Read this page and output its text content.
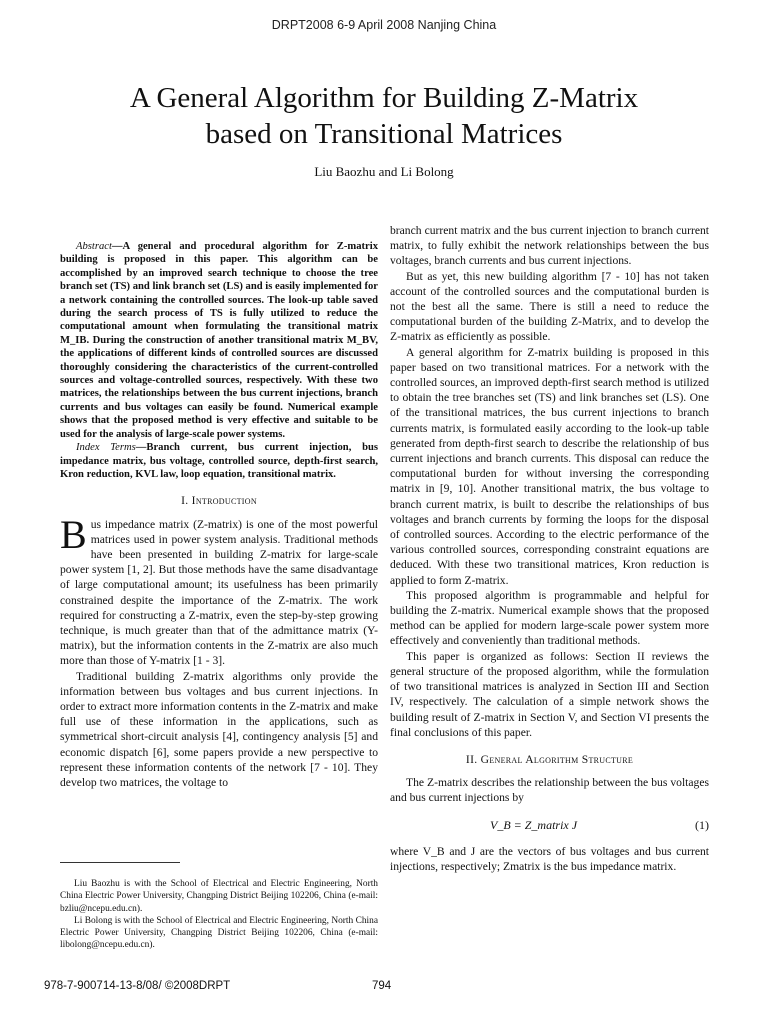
DRPT2008 6-9 April 2008 Nanjing China
A General Algorithm for Building Z-Matrix
based on Transitional Matrices
Liu Baozhu and Li Bolong

Abstract—A general and procedural algorithm for Z-matrix building is proposed in this paper. This algorithm can be accomplished by an improved search technique to choose the tree branch set (TS) and link branch set (LS) and is easily implemented for a network containing the controlled sources. The look-up table saved during the search process of TS is fully utilized to reduce the computational amount when formulating the transitional matrix M_IB. During the construction of another transitional matrix M_BV, the applications of different kinds of controlled sources are discussed thoroughly considering the characteristics of the current-controlled sources and voltage-controlled sources, respectively. With these two matrices, the relationships between the bus current injections, branch currents and bus voltages can easily be found. Numerical example shows that the proposed method is very effective and suitable to be used for the analysis of large-scale power systems.

Index Terms—Branch current, bus current injection, bus impedance matrix, bus voltage, controlled source, depth-first search, Kron reduction, KVL law, loop equation, transitional matrix.

I. Introduction

Bus impedance matrix (Z-matrix) is one of the most powerful matrices used in power system analysis. Traditional methods have been presented in building Z-matrix for large-scale power system [1, 2]. But those methods have the same disadvantage of large computational amount; its usefulness has been primarily constrained despite the importance of the Z-matrix. The work required for constructing a Z-matrix, even the step-by-step growing technique, is much greater than that of the admittance matrix (Y-matrix), but the information contents in the Z-matrix are also much more than those of Y-matrix [1 - 3].

Traditional building Z-matrix algorithms only provide the information between bus voltages and bus current injections. In order to extract more information contents in the Z-matrix and make full use of these information in the applications, such as symmetrical short-circuit analysis [4], contingency analysis [5] and economic dispatch [6], some papers provide a new perspective to represent these information contents of the network [7 - 10]. They develop two matrices, the voltage to

branch current matrix and the bus current injection to branch current matrix, to fully exhibit the network relationships between the bus voltages, branch currents and bus current injections.

But as yet, this new building algorithm [7 - 10] has not taken account of the controlled sources and the computational burden is not the best all the same. There is still a need to reduce the computational burden of the building Z-Matrix, and to develop the Z-matrix as efficiently as possible.

A general algorithm for Z-matrix building is proposed in this paper based on two transitional matrices. For a network with the controlled sources, an improved depth-first search method is utilized to obtain the tree branches set (TS) and link branches set (LS). One of the transitional matrices, the bus current injections to branch currents matrix, is formulated easily according to the look-up table generated from depth-first search to describe the relationship of bus current injections and branch currents. This disposal can reduce the computational burden for without inversing the corresponding matrix in [9, 10]. Another transitional matrix, the bus voltage to branch current matrix, is built to describe the relationships of bus voltages and branch currents by forming the loops for the disposal of controlled sources. According to the electric performance of the various controlled sources, corresponding constraint equations are deduced. With these two transitional matrices, Kron reduction is applied to form Z-matrix.

This proposed algorithm is programmable and helpful for building the Z-matrix. Numerical example shows that the proposed method can be applied for modern large-scale power system more effectively and conveniently than traditional methods.

This paper is organized as follows: Section II reviews the general structure of the proposed algorithm, while the formulation of two transitional matrices is analyzed in Section III and Section IV, respectively. The calculation of a simple network shows the building result of Z-matrix in Section V, and Section VI presents the final conclusions of this paper.

II. General Algorithm Structure

The Z-matrix describes the relationship between the bus voltages and bus current injections by

V_B = Z_matrix J	(1)

where V_B and J are the vectors of bus voltages and bus current injections, respectively; Zmatrix is the bus impedance matrix.

Liu Baozhu is with the School of Electrical and Electric Engineering, North China Electric Power University, Changping District Beijing 102206, China (e-mail: bzliu@ncepu.edu.cn).

Li Bolong is with the School of Electrical and Electric Engineering, North China Electric Power University, Changping District Beijing 102206, China (e-mail: libolong@ncepu.edu.cn).

978-7-900714-13-8/08/ ©2008DRPT	794
